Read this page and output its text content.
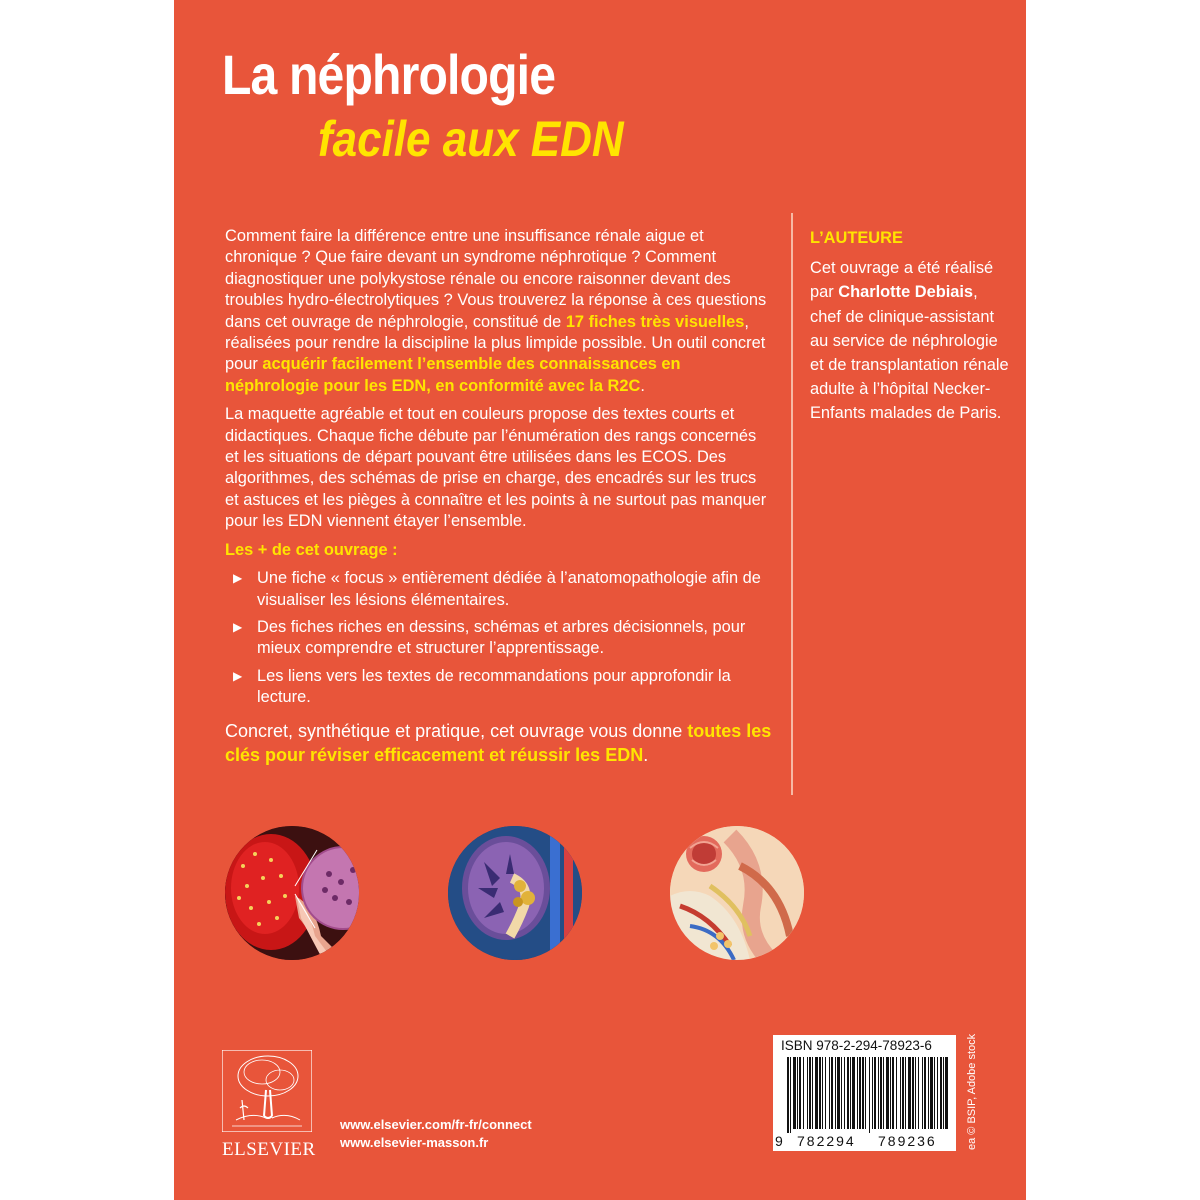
La néphrologie
facile aux EDN

Comment faire la différence entre une insuffisance rénale aigue et chronique ? Que faire devant un syndrome néphrotique ? Comment diagnostiquer une polykystose rénale ou encore raisonner devant des troubles hydro-électrolytiques ? Vous trouverez la réponse à ces questions dans cet ouvrage de néphrologie, constitué de 17 fiches très visuelles, réalisées pour rendre la discipline la plus limpide possible. Un outil concret pour acquérir facilement l’ensemble des connaissances en néphrologie pour les EDN, en conformité avec la R2C.

La maquette agréable et tout en couleurs propose des textes courts et didactiques. Chaque fiche débute par l’énumération des rangs concernés et les situations de départ pouvant être utilisées dans les ECOS. Des algorithmes, des schémas de prise en charge, des encadrés sur les trucs et astuces et les pièges à connaître et les points à ne surtout pas manquer pour les EDN viennent étayer l’ensemble.

Les + de cet ouvrage :

▶ Une fiche « focus » entièrement dédiée à l’anatomopathologie afin de visualiser les lésions élémentaires.
▶ Des fiches riches en dessins, schémas et arbres décisionnels, pour mieux comprendre et structurer l’apprentissage.
▶ Les liens vers les textes de recommandations pour approfondir la lecture.

Concret, synthétique et pratique, cet ouvrage vous donne toutes les clés pour réviser efficacement et réussir les EDN.

L’AUTEURE
Cet ouvrage a été réalisé par Charlotte Debiais, chef de clinique-assistant au service de néphrologie et de transplantation rénale adulte à l’hôpital Necker-Enfants malades de Paris.
ELSEVIER
www.elsevier.com/fr-fr/connect
www.elsevier-masson.fr
ISBN 978-2-294-78923-6
9 782294 789236	ea © BSIP, Adobe stock
